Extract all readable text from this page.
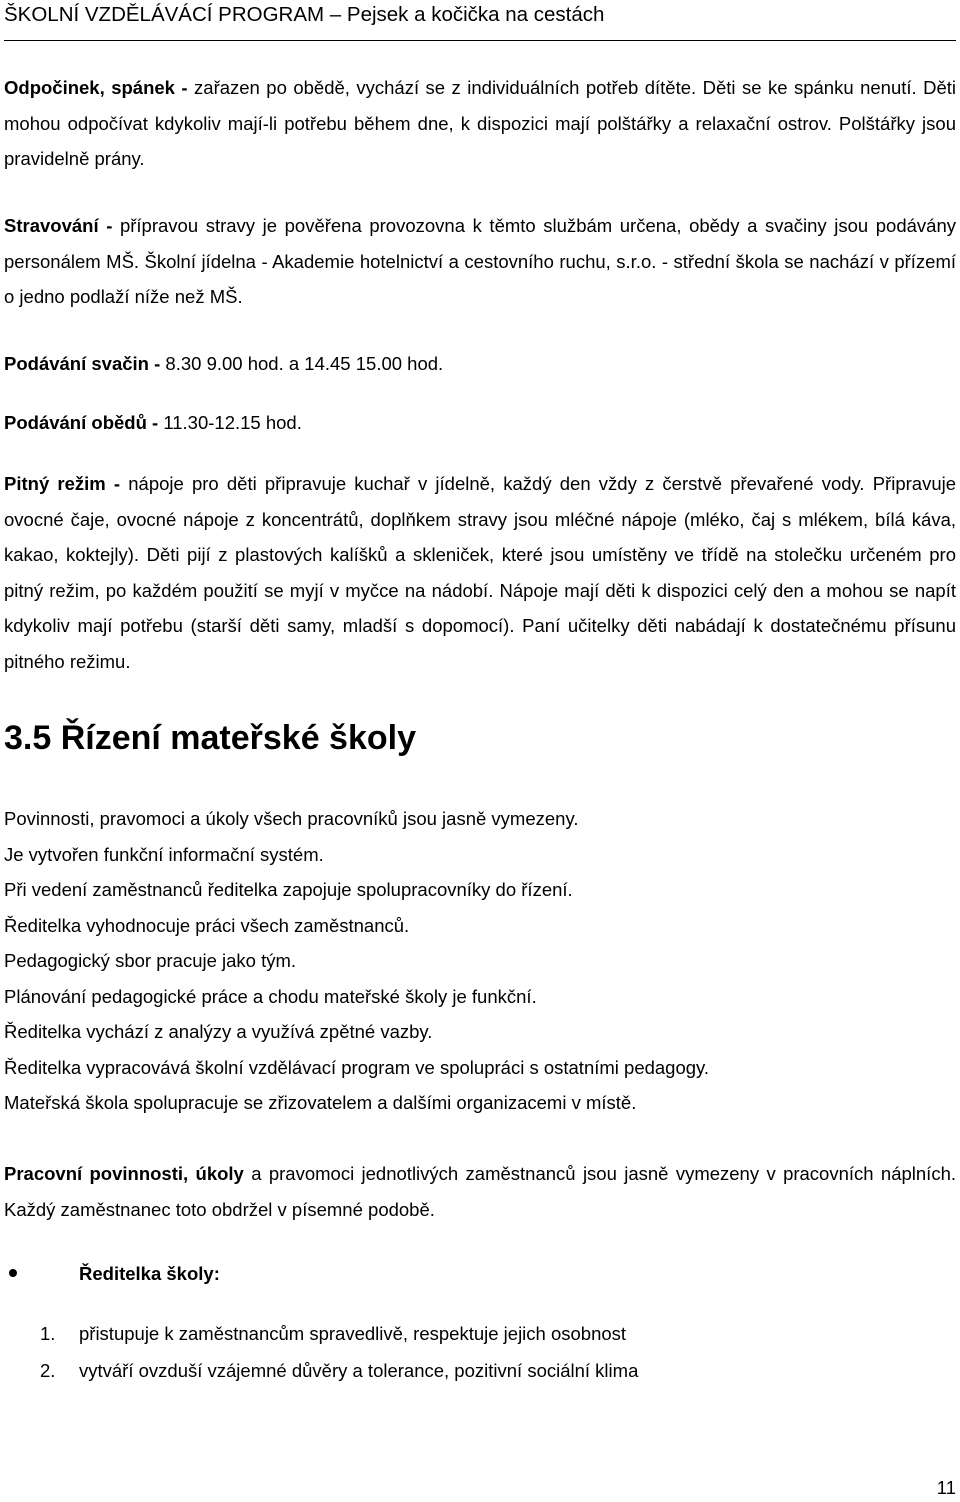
ŠKOLNÍ VZDĚLÁVÁCÍ PROGRAM – Pejsek a kočička na cestách
Odpočinek, spánek - zařazen po obědě, vychází se z individuálních potřeb dítěte. Děti se ke spánku nenutí. Děti mohou odpočívat kdykoliv mají-li potřebu během dne, k dispozici mají polštářky a relaxační ostrov. Polštářky jsou pravidelně prány.
Stravování - přípravou stravy je pověřena provozovna k těmto službám určena, obědy a svačiny jsou podávány personálem MŠ. Školní jídelna - Akademie hotelnictví a cestovního ruchu, s.r.o. - střední škola se nachází v přízemí o jedno podlaží níže než MŠ.
Podávání svačin - 8.30 9.00 hod. a 14.45 15.00 hod.
Podávání obědů - 11.30-12.15 hod.
Pitný režim - nápoje pro děti připravuje kuchař v jídelně, každý den vždy z čerstvě převařené vody. Připravuje ovocné čaje, ovocné nápoje z koncentrátů, doplňkem stravy jsou mléčné nápoje (mléko, čaj s mlékem, bílá káva, kakao, koktejly). Děti pijí z plastových kalíšků a skleniček, které jsou umístěny ve třídě na stolečku určeném pro pitný režim, po každém použití se myjí v myčce na nádobí. Nápoje mají děti k dispozici celý den a mohou se napít kdykoliv mají potřebu (starší děti samy, mladší s dopomocí). Paní učitelky děti nabádají k dostatečnému přísunu pitného režimu.
3.5 Řízení mateřské školy
Povinnosti, pravomoci a úkoly všech pracovníků jsou jasně vymezeny.
Je vytvořen funkční informační systém.
Při vedení zaměstnanců ředitelka zapojuje spolupracovníky do řízení.
Ředitelka vyhodnocuje práci všech zaměstnanců.
Pedagogický sbor pracuje jako tým.
Plánování pedagogické práce a chodu mateřské školy je funkční.
Ředitelka vychází z analýzy a využívá zpětné vazby.
Ředitelka vypracovává školní vzdělávací program ve spolupráci s ostatními pedagogy.
Mateřská škola spolupracuje se zřizovatelem a dalšími organizacemi v místě.
Pracovní povinnosti, úkoly a pravomoci jednotlivých zaměstnanců jsou jasně vymezeny v pracovních náplních. Každý zaměstnanec toto obdržel v písemné podobě.
Ředitelka školy:
1. přistupuje k zaměstnancům spravedlivě, respektuje jejich osobnost
2. vytváří ovzduší vzájemné důvěry a tolerance, pozitivní sociální klima
11
